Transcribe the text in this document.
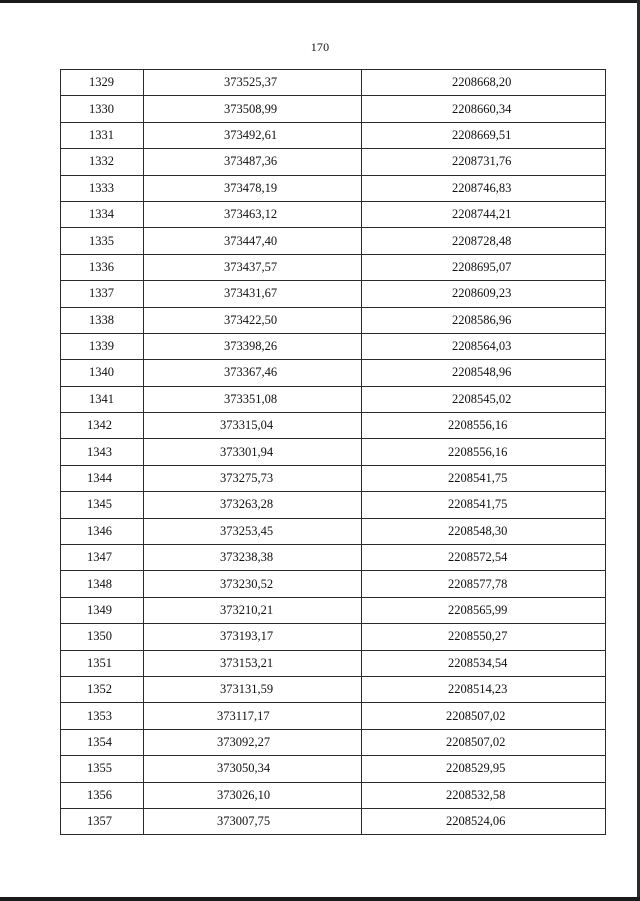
170
1329	373525,37	2208668,20
1330	373508,99	2208660,34
1331	373492,61	2208669,51
1332	373487,36	2208731,76
1333	373478,19	2208746,83
1334	373463,12	2208744,21
1335	373447,40	2208728,48
1336	373437,57	2208695,07
1337	373431,67	2208609,23
1338	373422,50	2208586,96
1339	373398,26	2208564,03
1340	373367,46	2208548,96
1341	373351,08	2208545,02
1342	373315,04	2208556,16
1343	373301,94	2208556,16
1344	373275,73	2208541,75
1345	373263,28	2208541,75
1346	373253,45	2208548,30
1347	373238,38	2208572,54
1348	373230,52	2208577,78
1349	373210,21	2208565,99
1350	373193,17	2208550,27
1351	373153,21	2208534,54
1352	373131,59	2208514,23
1353	373117,17	2208507,02
1354	373092,27	2208507,02
1355	373050,34	2208529,95
1356	373026,10	2208532,58
1357	373007,75	2208524,06
